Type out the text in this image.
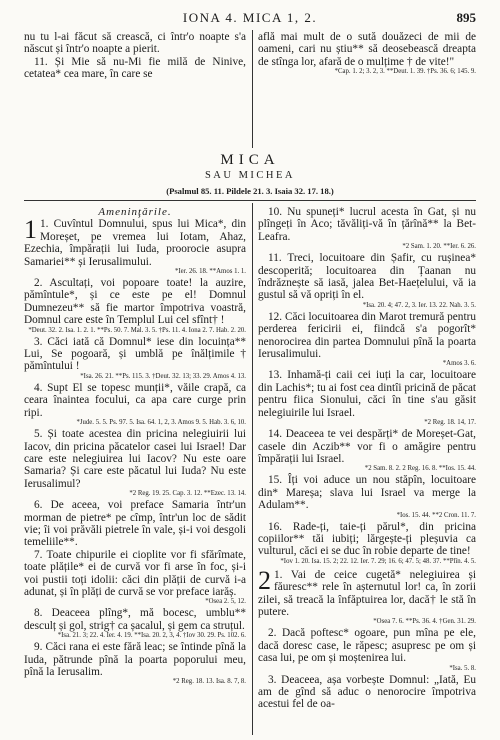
IONA 4. MICA 1, 2.	895

nu tu l-ai făcut să crească, ci într'o noapte s'a născut și într'o noapte a pierit.

11. Și Mie să nu-Mi fie milă de Ninive, cetatea* cea mare, în care se

află mai mult de o sută douăzeci de mii de oameni, cari nu știu** să deosebească dreapta de stînga lor, afară de o mulțime † de vite!"

*Cap. 1. 2; 3. 2, 3. **Deut. 1. 39. †Ps. 36. 6; 145. 9.
MICA
SAU MICHEA
(Psalmul 85. 11. Pildele 21. 3. Isaia 32. 17. 18.)

Ameninţările.

1 1. Cuvîntul Domnului, spus lui Mica*, din Moreșet, pe vremea lui Iotam, Ahaz, Ezechia, împărații lui Iuda, proorocie asupra Samariei** și Ierusalimului.

*Ier. 26. 18. **Amos 1. 1.

2. Ascultați, voi popoare toate! la auzire, pămîntule*, și ce este pe el! Domnul Dumnezeu** să fie martor împotriva voastră, Domnul care este în Templul Lui cel sfînt† !

*Deut. 32. 2. Isa. 1. 2. 1. **Ps. 50. 7. Mal. 3. 5. †Ps. 11. 4. Iona 2. 7. Hab. 2. 20.

3. Căci iată că Domnul* iese din locuința** Lui, Se pogoară, și umblă pe înălțimile† pămîntului !

*Isa. 26. 21. **Ps. 115. 3. †Deut. 32. 13; 33. 29. Amos 4. 13.

4. Supt El se topesc munții*, văile crapă, ca ceara înaintea focului, ca apa care curge prin ripi.

*Jude. 5. 5. Ps. 97. 5. Isa. 64. 1, 2, 3. Amos 9. 5. Hab. 3. 6, 10.

5. Și toate acestea din pricina nelegiuirii lui Iacov, din pricina păcatelor casei lui Israel! Dar care este nelegiuirea lui Iacov? Nu este oare Samaria? Și care este păcatul lui Iuda? Nu este Ierusalimul?

*2 Reg. 19. 25. Cap. 3. 12. **Ezec. 13. 14.

6. De aceea, voi preface Samaria într'un morman de pietre* pe cîmp, într'un loc de sădit vie; îi voi prăvăli pietrele în vale, și-i voi desgoli temeliile**.

7. Toate chipurile ei cioplite vor fi sfărîmate, toate plățile* ei de curvă vor fi arse în foc, și-i voi pustii toți idolii: căci din plății de curvă i-a adunat, și în plăți de curvă se vor preface iarăș.

*Osea 2. 5, 12.

8. Deaceea plîng*, mă bocesc, umblu** desculț și gol, strig† ca șacalul, și gem ca struțul.

*Isa. 21. 3; 22. 4. Ier. 4. 19. **Isa. 20. 2, 3, 4. †Iov 30. 29. Ps. 102. 6.

9. Căci rana ei este fără leac; se întinde pînă la Iuda, pătrunde pînă la poarta poporului meu, pînă la Ierusalim.

*2 Reg. 18. 13. Isa. 8. 7, 8.

10. Nu spuneți* lucrul acesta în Gat, și nu plîngeți în Aco; tăvăliți-vă în țărînă** la Bet-Leafra.

*2 Sam. 1. 20. **Ier. 6. 26.

11. Treci, locuitoare din Șafir, cu rușinea* descoperită; locuitoarea din Țaanan nu îndrăznește să iasă, jalea Bet-Haețelului, vă ia gustul să vă opriți în el.

*Isa. 20. 4; 47. 2, 3. Ier. 13. 22. Nah. 3. 5.

12. Căci locuitoarea din Marot tremură pentru perderea fericirii ei, fiindcă s'a pogorît* nenorocirea din partea Domnului pînă la poarta Ierusalimului.

*Amos 3. 6.

13. Inhamă-ți caii cei iuți la car, locuitoare din Lachis*; tu ai fost cea dintîi pricină de păcat pentru fiica Sionului, căci în tine s'au găsit nelegiuirile lui Israel.

*2 Reg. 18. 14, 17.

14. Deaceea te vei despărți* de Moreșet-Gat, casele din Aczib** vor fi o amăgire pentru împărații lui Israel.

*2 Sam. 8. 2. 2 Reg. 16. 8. **Ios. 15. 44.

15. Îți voi aduce un nou stăpîn, locuitoare din* Mareșa; slava lui Israel va merge la Adulam**.

*Ios. 15. 44. **2 Cron. 11. 7.

16. Rade-ți, taie-ți părul*, din pricina copiilor** tăi iubiți; lărgește-ți pleșuvia ca vulturul, căci ei se duc în robie departe de tine!

*Iov 1. 20. Isa. 15. 2; 22. 12. Ier. 7. 29; 16. 6; 47. 5; 48. 37. **Plîn. 4. 5.
2 1. Vai de ceice cugetă* nelegiuirea și făuresc** rele în așternutul lor! ca, în zorii zilei, să treacă la înfăptuirea lor, dacă† le stă în putere.

*Osea 7. 6. **Ps. 36. 4. †Gen. 31. 29.

2. Dacă poftesc* ogoare, pun mîna pe ele, dacă doresc case, le răpesc; asupresc pe om și casa lui, pe om și moștenirea lui.

*Isa. 5. 8.

3. Deaceea, așa vorbește Domnul: „Iată, Eu am de gînd să aduc o nenorocire împotriva acestui fel de oa-
